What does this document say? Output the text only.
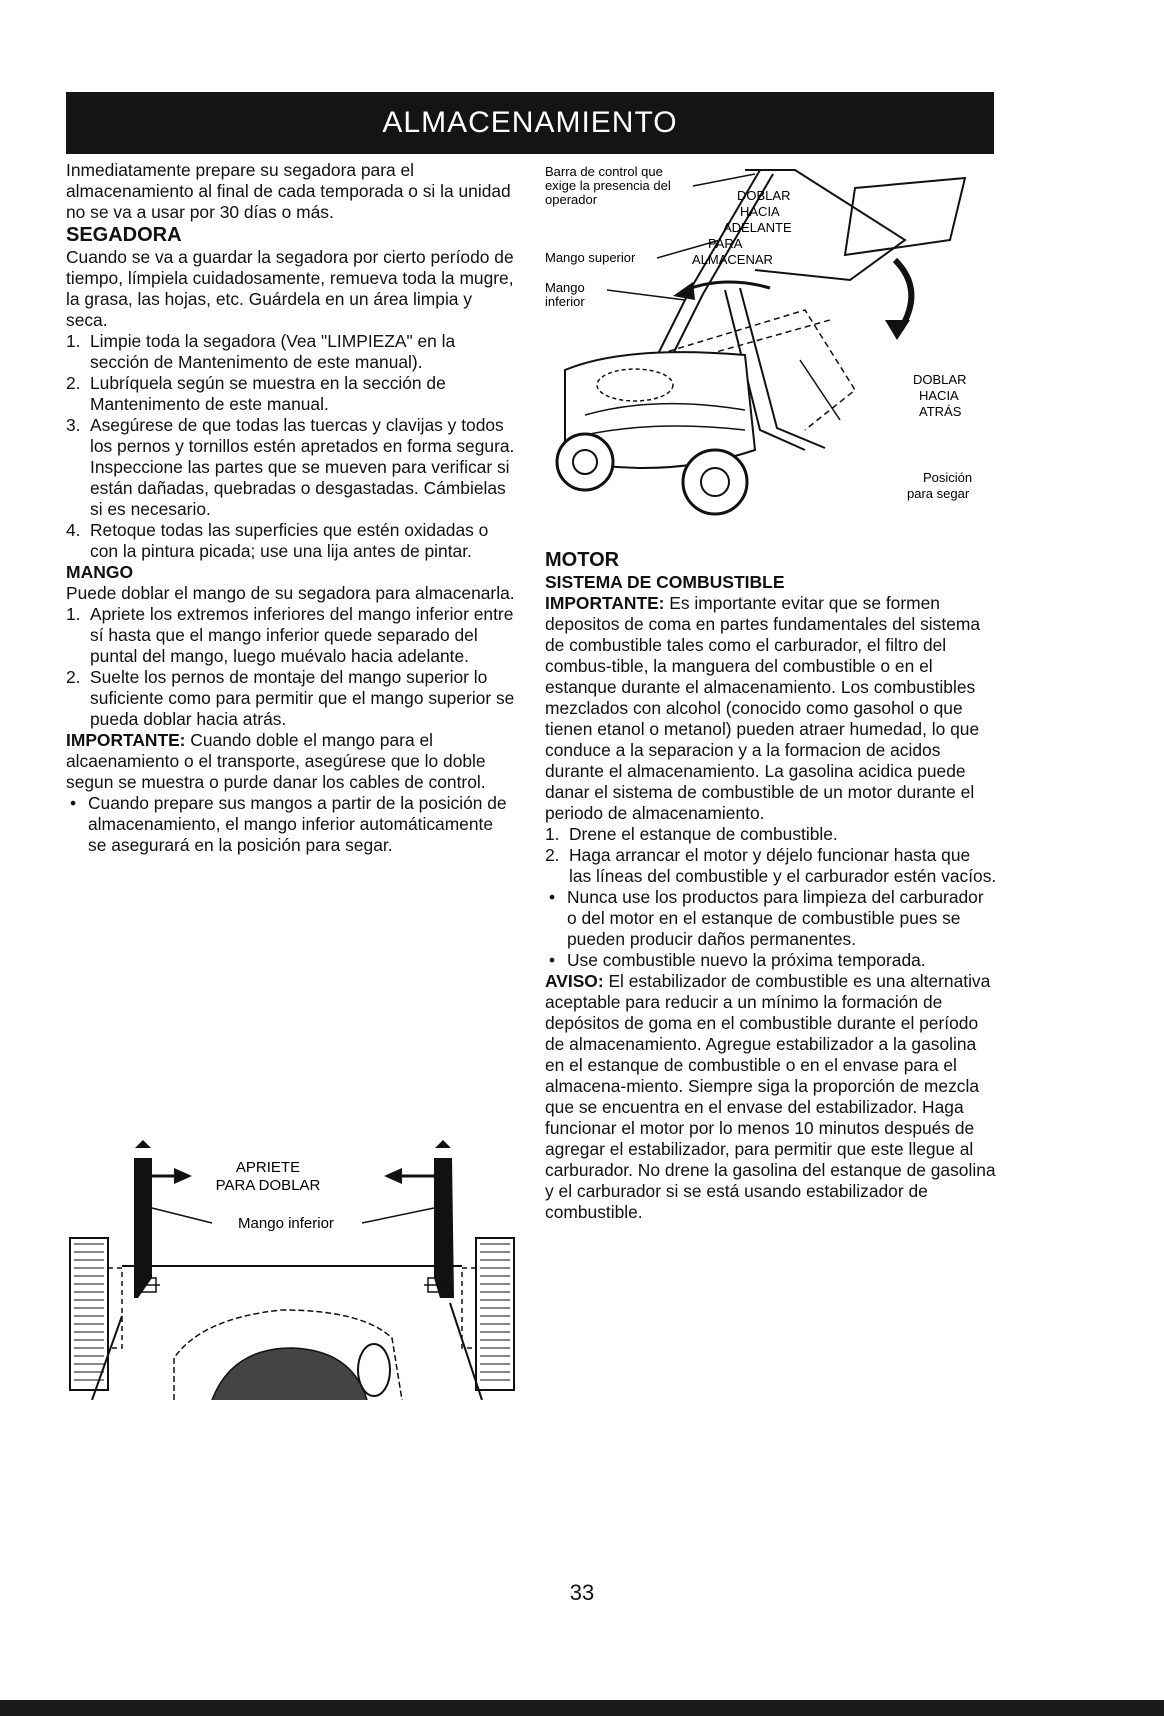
ALMACENAMIENTO

Inmediatamente prepare su segadora para el almacenamiento al final de cada temporada o si la unidad no se va a usar por 30 días o más.

SEGADORA

Cuando se va a guardar la segadora por cierto período de tiempo, límpiela cuidadosamente, remueva toda la mugre, la grasa, las hojas, etc. Guárdela en un área limpia y seca.

1. Limpie toda la segadora (Vea "LIMPIEZA" en la sección de Mantenimento de este manual).
2. Lubríquela según se muestra en la sección de Mantenimento de este manual.
3. Asegúrese de que todas las tuercas y clavijas y todos los pernos y tornillos estén apretados en forma segura. Inspeccione las partes que se mueven para verificar si están dañadas, quebradas o desgastadas. Cámbielas si es necesario.
4. Retoque todas las superficies que estén oxidadas o con la pintura picada; use una lija antes de pintar.
MANGO

Puede doblar el mango de su segadora para almacenarla.

1. Apriete los extremos inferiores del mango inferior entre sí hasta que el mango inferior quede separado del puntal del mango, luego muévalo hacia adelante.
2. Suelte los pernos de montaje del mango superior lo suficiente como para permitir que el mango superior se pueda doblar hacia atrás.

IMPORTANTE: Cuando doble el mango para el alcaenamiento o el transporte, asegúrese que lo doble segun se muestra o purde danar los cables de control.

• Cuando prepare sus mangos a partir de la posición de almacenamiento, el mango inferior automáticamente se asegurará en la posición para segar.
APRIETE
PARA DOBLAR
Mango inferior
Barra de control que
exige la presencia del
operador
Mango superior
Mango
inferior
DOBLAR
HACIA
ADELANTE
PARA
ALMACENAR
DOBLAR
HACIA
ATRÁS
Posición
para segar
MOTOR
SISTEMA DE COMBUSTIBLE

IMPORTANTE: Es importante evitar que se formen depositos de coma en partes fundamentales del sistema de combustible tales como el carburador, el filtro del combus-tible, la manguera del combustible o en el estanque durante el almacenamiento. Los combustibles mezclados con alcohol (conocido como gasohol o que tienen etanol o metanol) pueden atraer humedad, lo que conduce a la separacion y a la formacion de acidos durante el almacenamiento. La gasolina acidica puede danar el sistema de combustible de un motor durante el periodo de almacenamiento.

1. Drene el estanque de combustible.
2. Haga arrancar el motor y déjelo funcionar hasta que las líneas del combustible y el carburador estén vacíos.
• Nunca use los productos para limpieza del carburador o del motor en el estanque de combustible pues se pueden producir daños permanentes.
• Use combustible nuevo la próxima temporada.

AVISO: El estabilizador de combustible es una alternativa aceptable para reducir a un mínimo la formación de depósitos de goma en el combustible durante el período de almacenamiento. Agregue estabilizador a la gasolina en el estanque de combustible o en el envase para el almacena-miento. Siempre siga la proporción de mezcla que se encuentra en el envase del estabilizador. Haga funcionar el motor por lo menos 10 minutos después de agregar el estabilizador, para permitir que este llegue al carburador. No drene la gasolina del estanque de gasolina y el carburador si se está usando estabilizador de combustible.

33
